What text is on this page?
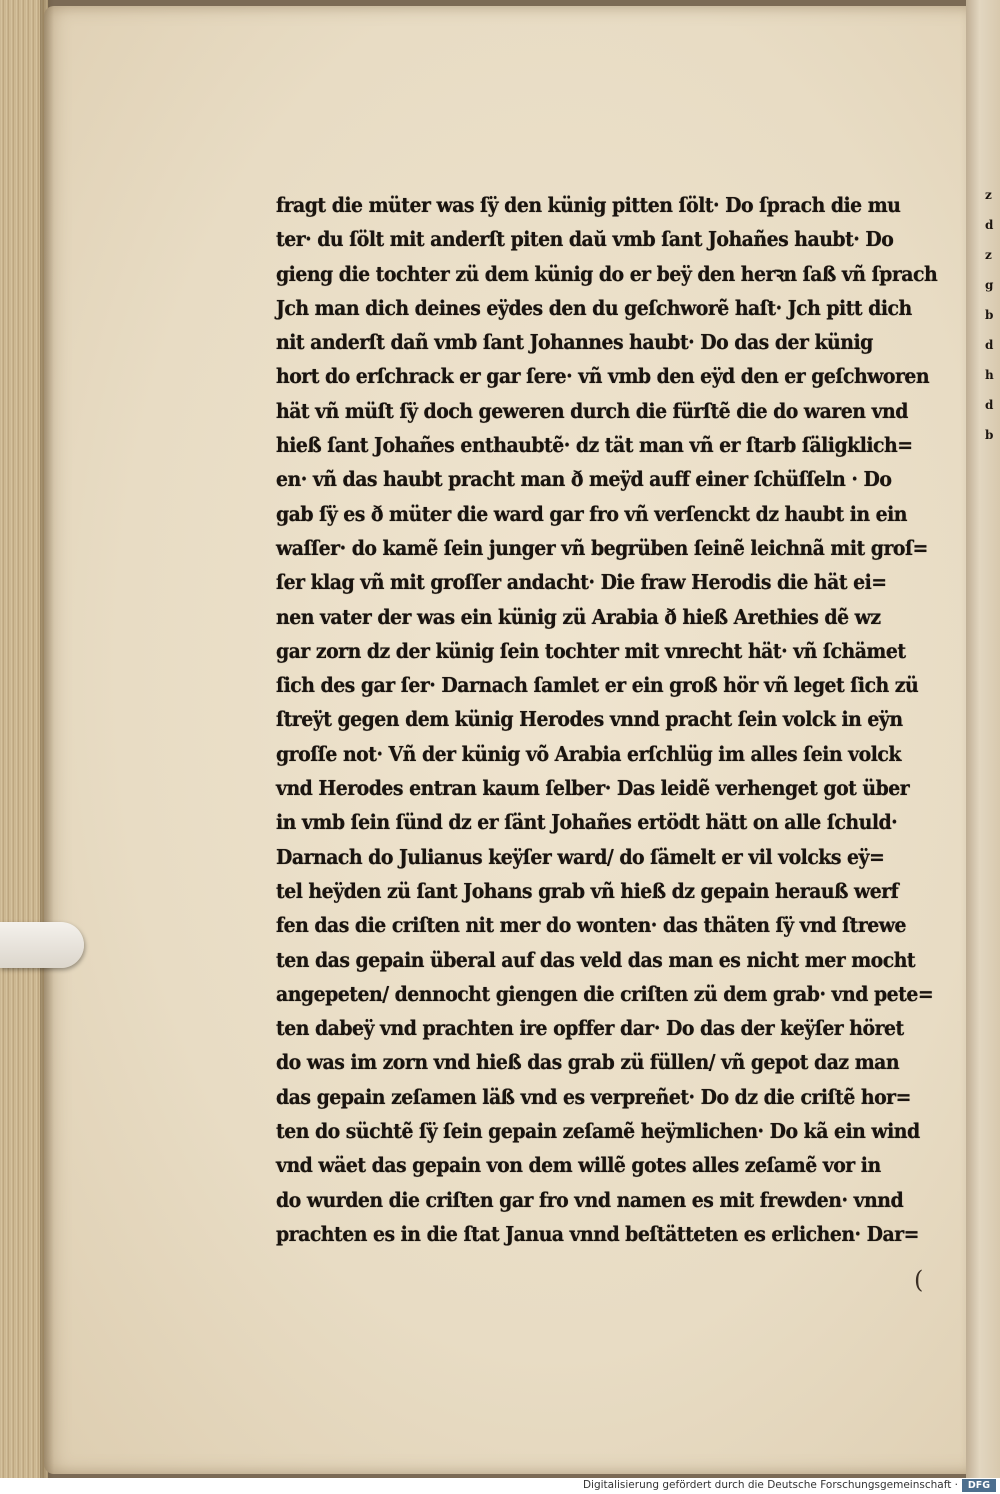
z
d
z
g
b
d
h
d
b
fragt die müter was ſÿ den künig pitten ſölt· Do ſprach die mu
ter· du ſölt mit anderſt piten daŭ vmb ſant Johañes haubt· Do
gieng die tochter zü dem künig do er beÿ den herꝛn ſaß vñ ſprach
Jch man dich deines eÿdes den du geſchworẽ haſt· Jch pitt dich
nit anderſt dañ vmb ſant Johannes haubt· Do das der künig
hort do erſchrack er gar ſere· vñ vmb den eÿd den er geſchworen
hät vñ müſt ſÿ doch geweren durch die fürſtẽ die do waren vnd
hieß ſant Johañes enthaubtẽ· dz tät man vñ er ſtarb ſäligklich=
en· vñ das haubt pracht man ð meÿd auff einer ſchüſſeln · Do
gab ſÿ es ð müter die ward gar fro vñ verſenckt dz haubt in ein
waſſer· do kamẽ ſein junger vñ begrüben ſeinẽ leichnã mit groſ=
ſer klag vñ mit groſſer andacht· Die fraw Herodis die hät ei=
nen vater der was ein künig zü Arabia ð hieß Arethies dẽ wz
gar zorn dz der künig ſein tochter mit vnrecht hät· vñ ſchämet
ſich des gar ſer· Darnach ſamlet er ein groß hör vñ leget ſich zü
ſtreÿt gegen dem künig Herodes vnnd pracht ſein volck in eÿn
groſſe not· Vñ der künig võ Arabia erſchlüg im alles ſein volck
vnd Herodes entran kaum ſelber· Das leidẽ verhenget got über
in vmb ſein ſünd dz er ſänt Johañes ertödt hätt on alle ſchuld·
Darnach do Julianus keÿſer ward/ do ſämelt er vil volcks eÿ=
tel heÿden zü ſant Johans grab vñ hieß dz gepain herauß werf
fen das die criſten nit mer do wonten· das thäten ſÿ vnd ſtrewe
ten das gepain überal auf das veld das man es nicht mer mocht
angepeten/ dennocht giengen die criſten zü dem grab· vnd pete=
ten dabeÿ vnd prachten ire opffer dar· Do das der keÿſer höret
do was im zorn vnd hieß das grab zü füllen/ vñ gepot daz man
das gepain zeſamen läß vnd es verpreñet· Do dz die criſtẽ hor=
ten do süchtẽ ſÿ ſein gepain zeſamẽ heÿmlichen· Do kã ein wind
vnd wäet das gepain von dem willẽ gotes alles zeſamẽ vor in
do wurden die criſten gar fro vnd namen es mit frewden· vnnd
prachten es in die ſtat Janua vnnd beſtätteten es erlichen· Dar=
(
Digitalisierung gefördert durch die Deutsche Forschungsgemeinschaft ·	DFG
